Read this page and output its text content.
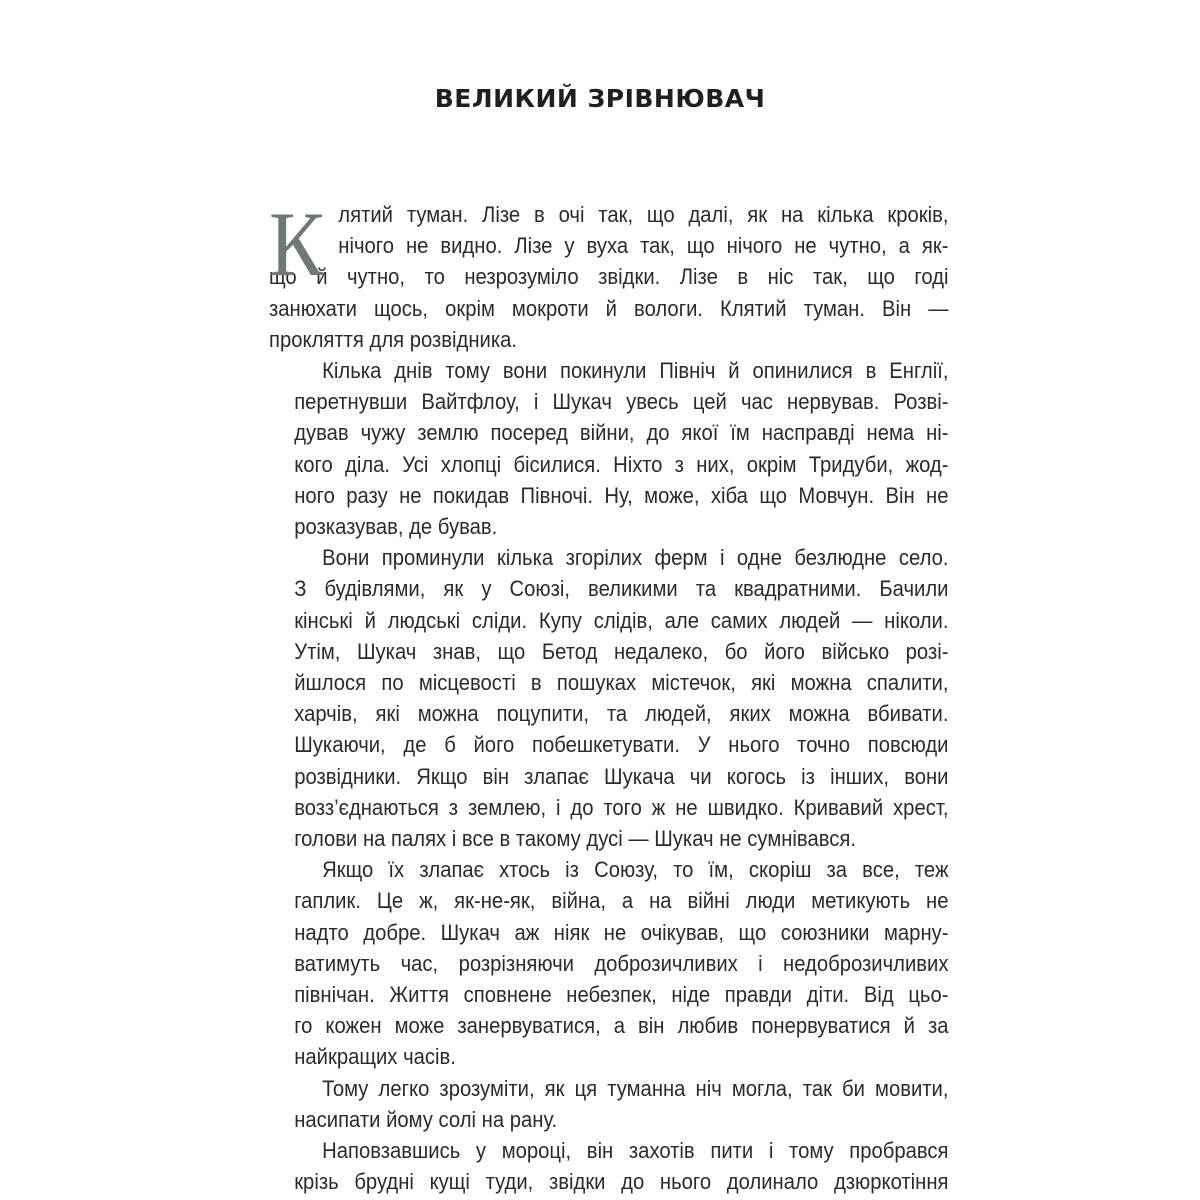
ВЕЛИКИЙ ЗРІВНЮВАЧ
К лятий туман. Лізе в очі так, що далі, як на кілька кроків,
нічого не видно. Лізе у вуха так, що нічого не чутно, а як-
що й чутно, то незрозуміло звідки. Лізе в ніс так, що годі
занюхати щось, окрім мокроти й вологи. Клятий туман. Він —
прокляття для розвідника.
Кілька днів тому вони покинули Північ й опинилися в Енглії,
перетнувши Вайтфлоу, і Шукач увесь цей час нервував. Розві-
дував чужу землю посеред війни, до якої їм насправді нема ні-
кого діла. Усі хлопці бісилися. Ніхто з них, окрім Тридуби, жод-
ного разу не покидав Півночі. Ну, може, хіба що Мовчун. Він не
розказував, де бував.
Вони проминули кілька згорілих ферм і одне безлюдне село.
З будівлями, як у Союзі, великими та квадратними. Бачили
кінські й людські сліди. Купу слідів, але самих людей — ніколи.
Утім, Шукач знав, що Бетод недалеко, бо його військо розі-
йшлося по місцевості в пошуках містечок, які можна спалити,
харчів, які можна поцупити, та людей, яких можна вбивати.
Шукаючи, де б його побешкетувати. У нього точно повсюди
розвідники. Якщо він злапає Шукача чи когось із інших, вони
возз’єднаються з землею, і до того ж не швидко. Кривавий хрест,
голови на палях і все в такому дусі — Шукач не сумнівався.
Якщо їх злапає хтось із Союзу, то їм, скоріш за все, теж
гаплик. Це ж, як-не-як, війна, а на війні люди метикують не
надто добре. Шукач аж ніяк не очікував, що союзники марну-
ватимуть час, розрізняючи доброзичливих і недоброзичливих
північан. Життя сповнене небезпек, ніде правди діти. Від цьо-
го кожен може занервуватися, а він любив понервуватися й за
найкращих часів.
Тому легко зрозуміти, як ця туманна ніч могла, так би мовити,
насипати йому солі на рану.
Наповзавшись у мороці, він захотів пити і тому пробрався
крізь брудні кущі туди, звідки до нього долинало дзюркотіння
